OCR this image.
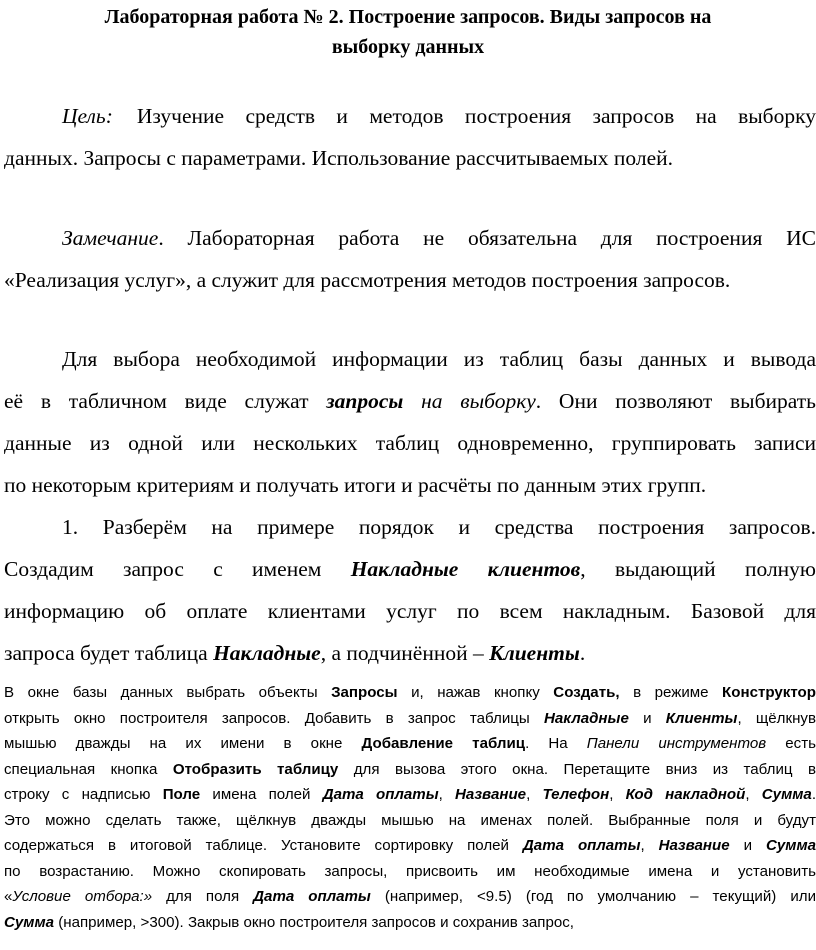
Лабораторная работа № 2. Построение запросов. Виды запросов на
выборку данных
Цель: Изучение средств и методов построения запросов на выборку
данных. Запросы с параметрами. Использование рассчитываемых полей.
Замечание. Лабораторная работа не обязательна для построения ИС
«Реализация услуг», а служит для рассмотрения методов построения запросов.
Для выбора необходимой информации из таблиц базы данных и вывода
её в табличном виде служат запросы на выборку. Они позволяют выбирать
данные из одной или нескольких таблиц одновременно, группировать записи
по некоторым критериям и получать итоги и расчёты по данным этих групп.
1. Разберём на примере порядок и средства построения запросов.
Создадим запрос с именем Накладные клиентов, выдающий полную
информацию об оплате клиентами услуг по всем накладным. Базовой для
запроса будет таблица Накладные, а подчинённой – Клиенты.
В окне базы данных выбрать объекты Запросы и, нажав кнопку Создать, в режиме Конструктор
открыть окно построителя запросов. Добавить в запрос таблицы Накладные и Клиенты, щёлкнув
мышью дважды на их имени в окне Добавление таблиц. На Панели инструментов есть
специальная кнопка Отобразить таблицу для вызова этого окна. Перетащите вниз из таблиц в
строку с надписью Поле имена полей Дата оплаты, Название, Телефон, Код накладной, Сумма.
Это можно сделать также, щёлкнув дважды мышью на именах полей. Выбранные поля и будут
содержаться в итоговой таблице. Установите сортировку полей Дата оплаты, Название и Сумма
по возрастанию. Можно скопировать запросы, присвоить им необходимые имена и установить
«Условие отбора:» для поля Дата оплаты (например, <9.5) (год по умолчанию – текущий) или
Сумма (например, >300). Закрыв окно построителя запросов и сохранив запрос,
